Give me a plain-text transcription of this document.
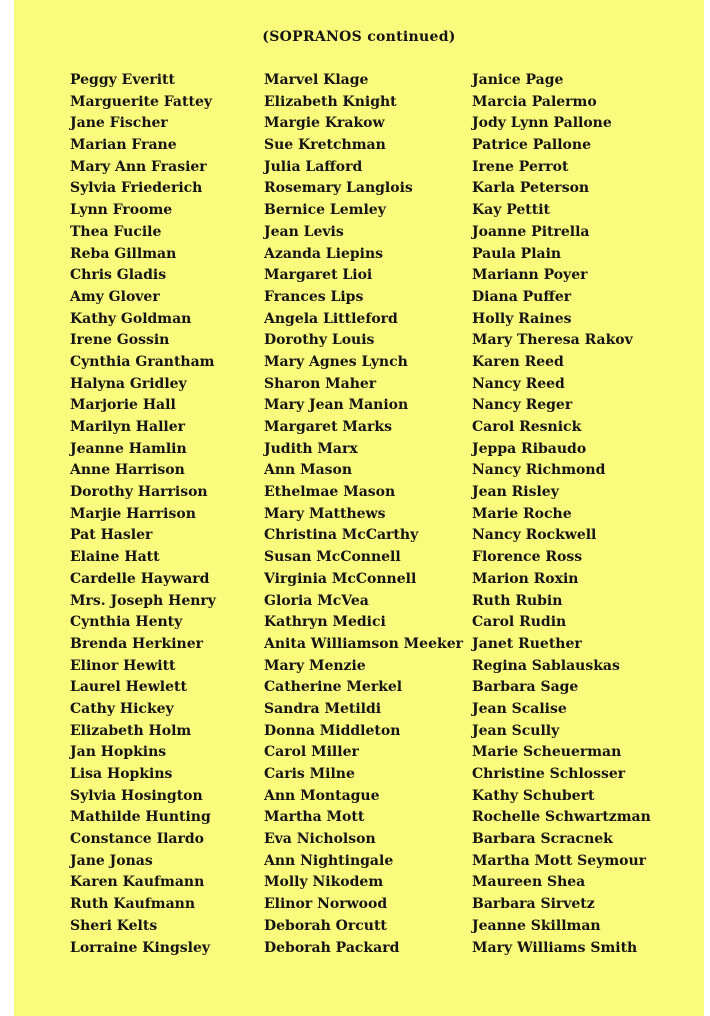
(SOPRANOS continued)
Peggy Everitt
Marguerite Fattey
Jane Fischer
Marian Frane
Mary Ann Frasier
Sylvia Friederich
Lynn Froome
Thea Fucile
Reba Gillman
Chris Gladis
Amy Glover
Kathy Goldman
Irene Gossin
Cynthia Grantham
Halyna Gridley
Marjorie Hall
Marilyn Haller
Jeanne Hamlin
Anne Harrison
Dorothy Harrison
Marjie Harrison
Pat Hasler
Elaine Hatt
Cardelle Hayward
Mrs. Joseph Henry
Cynthia Henty
Brenda Herkiner
Elinor Hewitt
Laurel Hewlett
Cathy Hickey
Elizabeth Holm
Jan Hopkins
Lisa Hopkins
Sylvia Hosington
Mathilde Hunting
Constance Ilardo
Jane Jonas
Karen Kaufmann
Ruth Kaufmann
Sheri Kelts
Lorraine Kingsley
Marvel Klage
Elizabeth Knight
Margie Krakow
Sue Kretchman
Julia Lafford
Rosemary Langlois
Bernice Lemley
Jean Levis
Azanda Liepins
Margaret Lioi
Frances Lips
Angela Littleford
Dorothy Louis
Mary Agnes Lynch
Sharon Maher
Mary Jean Manion
Margaret Marks
Judith Marx
Ann Mason
Ethelmae Mason
Mary Matthews
Christina McCarthy
Susan McConnell
Virginia McConnell
Gloria McVea
Kathryn Medici
Anita Williamson Meeker
Mary Menzie
Catherine Merkel
Sandra Metildi
Donna Middleton
Carol Miller
Caris Milne
Ann Montague
Martha Mott
Eva Nicholson
Ann Nightingale
Molly Nikodem
Elinor Norwood
Deborah Orcutt
Deborah Packard
Janice Page
Marcia Palermo
Jody Lynn Pallone
Patrice Pallone
Irene Perrot
Karla Peterson
Kay Pettit
Joanne Pitrella
Paula Plain
Mariann Poyer
Diana Puffer
Holly Raines
Mary Theresa Rakov
Karen Reed
Nancy Reed
Nancy Reger
Carol Resnick
Jeppa Ribaudo
Nancy Richmond
Jean Risley
Marie Roche
Nancy Rockwell
Florence Ross
Marion Roxin
Ruth Rubin
Carol Rudin
Janet Ruether
Regina Sablauskas
Barbara Sage
Jean Scalise
Jean Scully
Marie Scheuerman
Christine Schlosser
Kathy Schubert
Rochelle Schwartzman
Barbara Scracnek
Martha Mott Seymour
Maureen Shea
Barbara Sirvetz
Jeanne Skillman
Mary Williams Smith
